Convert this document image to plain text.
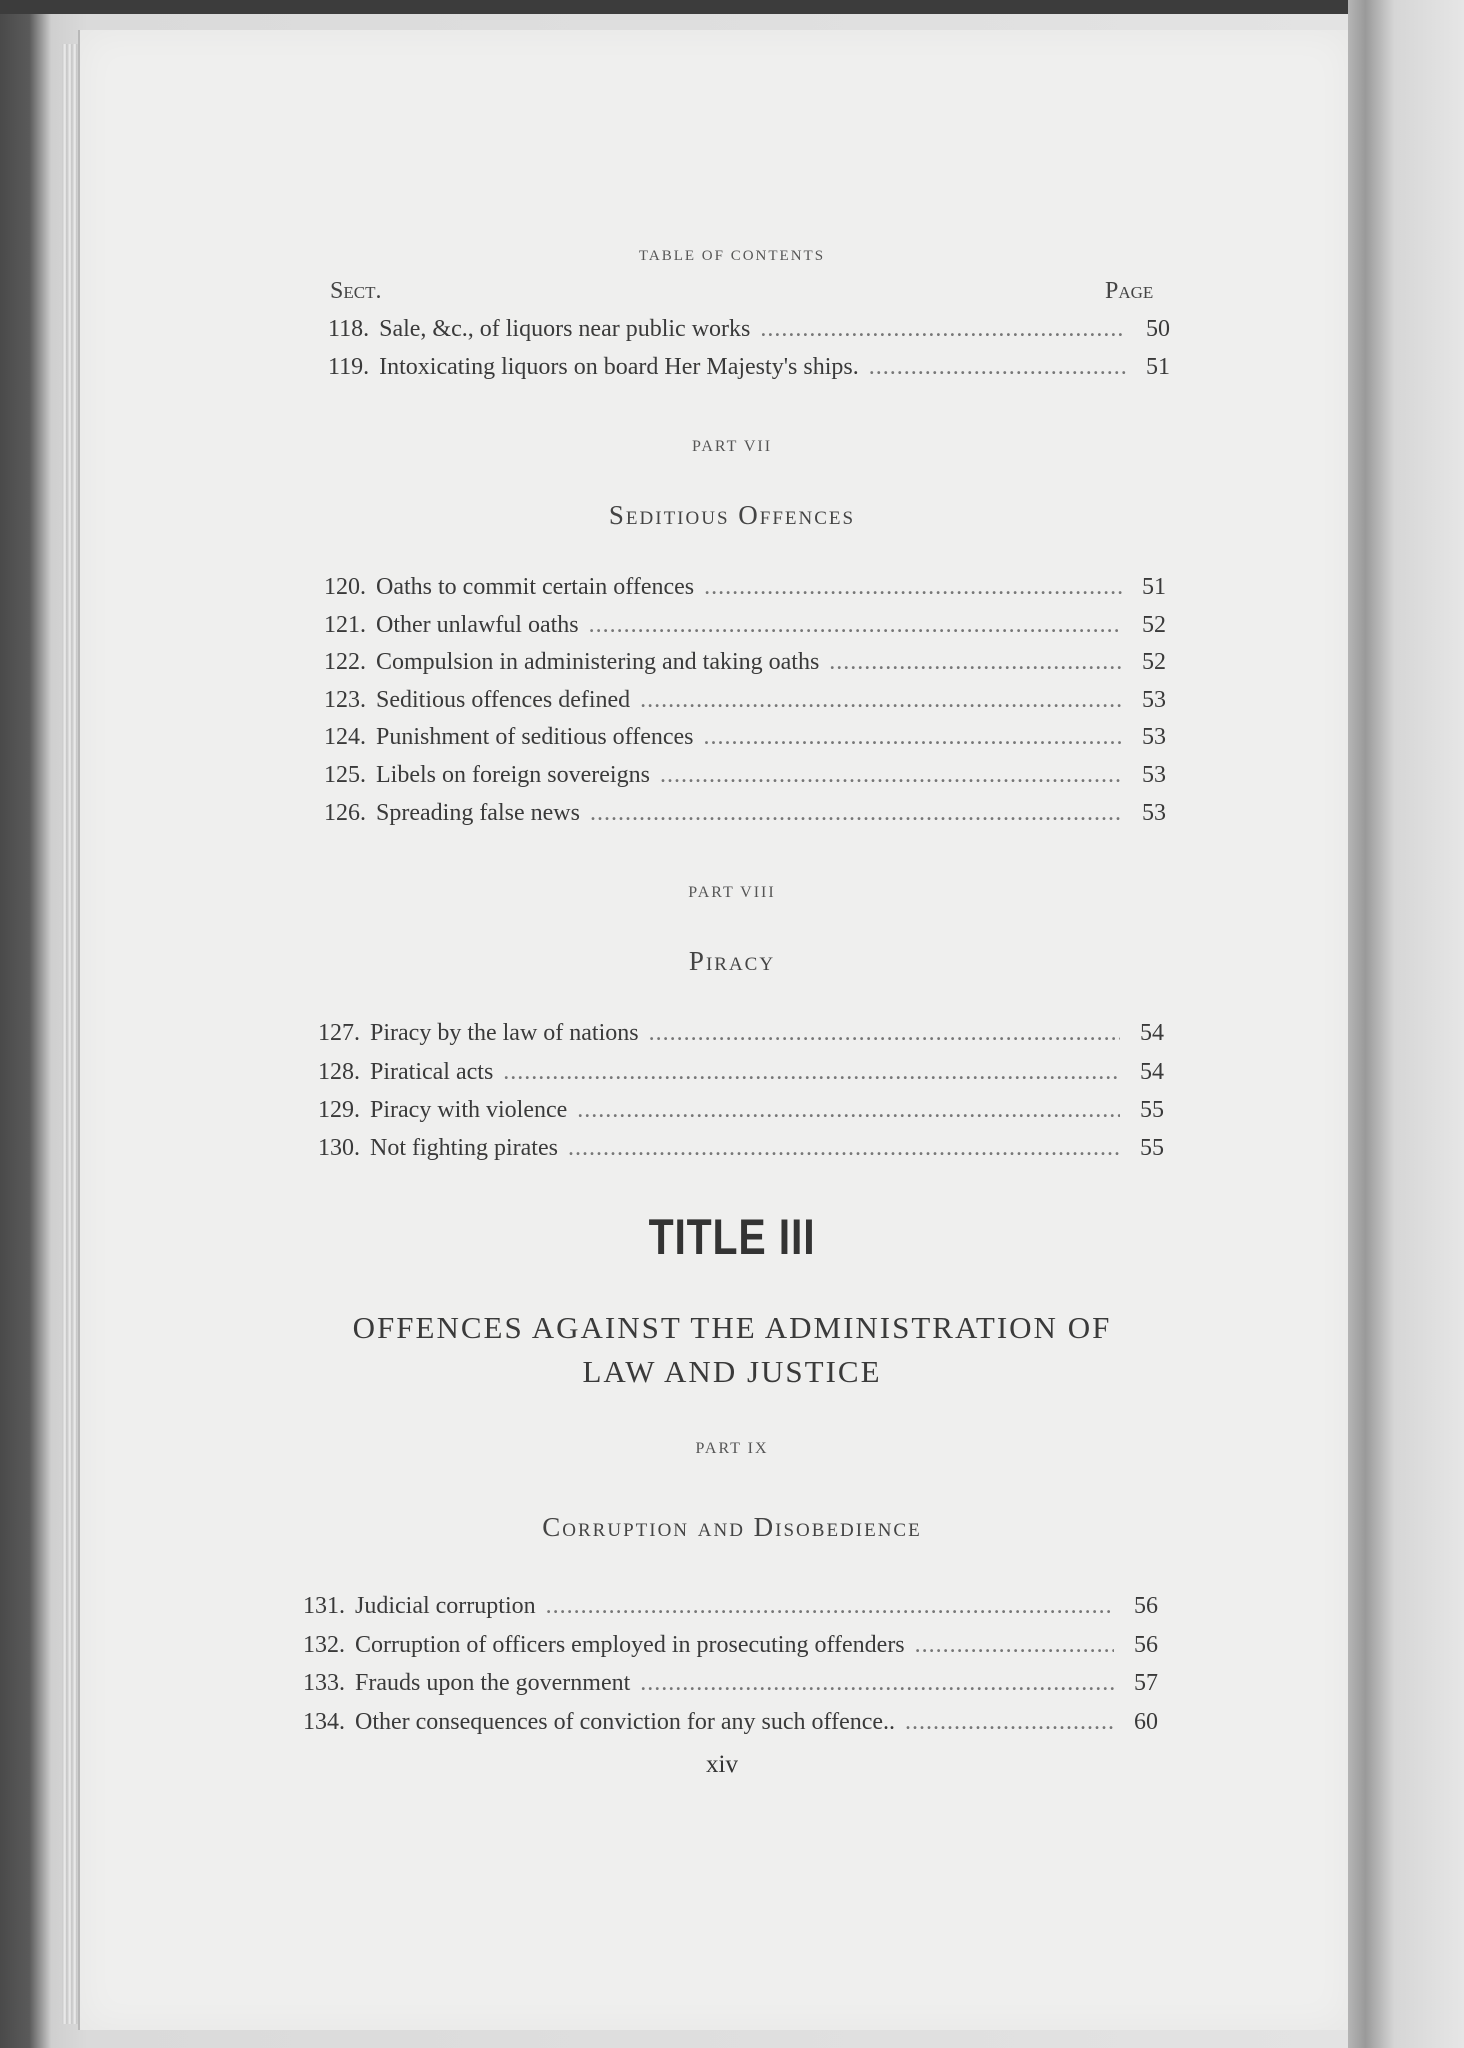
TABLE OF CONTENTS
Sect.	Page
118. Sale, &c., of liquors near public works .....	50
119. Intoxicating liquors on board Her Majesty's ships. .....	51
PART VII
Seditious Offences
120. Oaths to commit certain offences .....	51
121. Other unlawful oaths .....	52
122. Compulsion in administering and taking oaths .....	52
123. Seditious offences defined .....	53
124. Punishment of seditious offences .....	53
125. Libels on foreign sovereigns .....	53
126. Spreading false news .....	53
PART VIII
Piracy
127. Piracy by the law of nations .....	54
128. Piratical acts .....	54
129. Piracy with violence .....	55
130. Not fighting pirates .....	55
TITLE III
OFFENCES AGAINST THE ADMINISTRATION OF
LAW AND JUSTICE
PART IX
Corruption and Disobedience
131. Judicial corruption .....	56
132. Corruption of officers employed in prosecuting offenders .....	56
133. Frauds upon the government .....	57
134. Other consequences of conviction for any such offence.. .....	60
xiv
